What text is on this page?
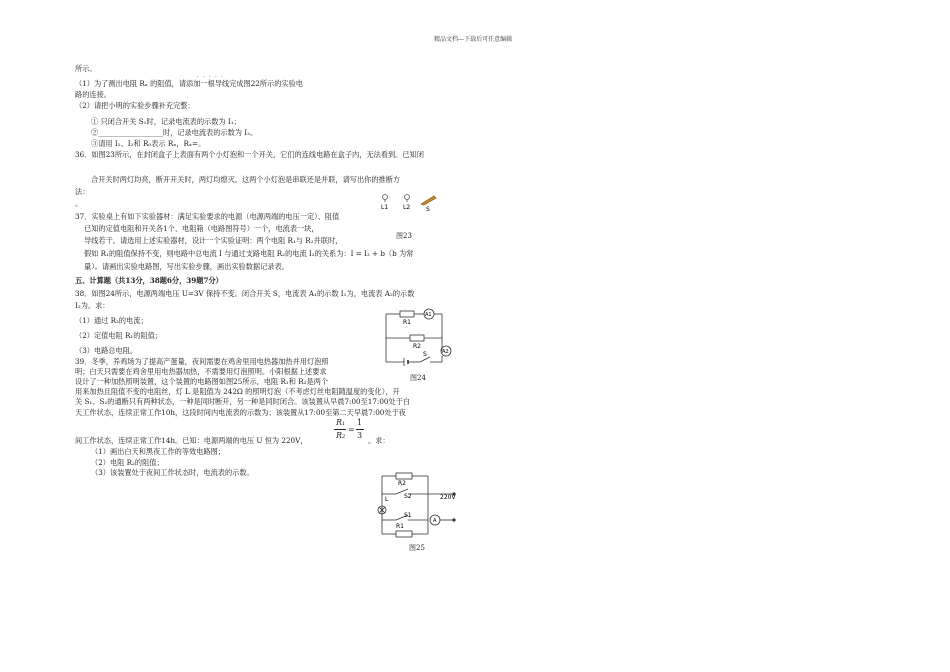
精品文档---下载后可任意编辑
所示。
．．．．．
（1）为了测出电阻 Rₓ 的阻值，请添加一根导线完成图22所示的实验电
路的连接。
（2）请把小明的实验步骤补充完整：
① 只闭合开关 S₁时，记录电流表的示数为 I₁；
②__________________时，记录电流表的示数为 I₂。
③请用 I₁、I₂和 R₀表示 Rₓ，Rₓ=。
36．如图23所示，在封闭盒子上表面有两个小灯泡和一个开关，它们的连线电路在盒子内，无法看到。已知闭
合开关时两灯均亮，断开开关时，两灯均熄灭。这两个小灯泡是串联还是并联，请写出你的推断方
法：
。
37．实验桌上有如下实验器材：满足实验要求的电源（电源两端的电压一定）、阻值
已知的定值电阻和开关各1个、电阻箱（电路图符号）一个，电流表一块，
导线若干。请选用上述实验器材，设计一个实验证明：两个电阻 R₁与 R₂并联时，
假如 R₁的阻值保持不变，则电路中总电流 I 与通过支路电阻 R₂的电流 I₂的关系为：I = I₂ + b（b 为常
量）。请画出实验电路图，写出实验步骤，画出实验数据记录表。
五、计算题（共13分，38题6分，39题7分）
38．如图24所示，电源两端电压 U=3V 保持不变。闭合开关 S，电流表 A₁的示数 I₁为，电流表 A₂的示数
I₂为。求：
（1）通过 R₂的电流；
（2）定值电阻 R₁的阻值；
（3）电路总电阻。
39．冬季，养鸡场为了提高产蛋量，夜间需要在鸡舍里用电热器加热并用灯泡照
明；白天只需要在鸡舍里用电热器加热，不需要用灯泡照明。小阳根据上述要求
设计了一种加热照明装置，这个装置的电路图如图25所示，电阻 R₁和 R₂是两个
用来加热且阻值不变的电阻丝，灯 L 是阻值为 242Ω 的照明灯泡（不考虑灯丝电阻随温度的变化），开
关 S₁、S₂的通断只有两种状态，一种是同时断开，另一种是同时闭合。该装置从早晨7:00至17:00处于白
天工作状态，连续正常工作10h，这段时间内电流表的示数为；该装置从17:00至第二天早晨7:00处于夜
间工作状态，连续正常工作14h。已知：电源两端的电压 U 恒为 220V，
R₁
R₂
=
1
3
。求：
（1）画出白天和黑夜工作的等效电路图；
（2）电阻 R₂的阻值；
（3）该装置处于夜间工作状态时，电流表的示数。
L1 L2	S
图23
R1
R2
A1
A2
S
图24
R2
L	S2
S1
R1
A
220V
图25
